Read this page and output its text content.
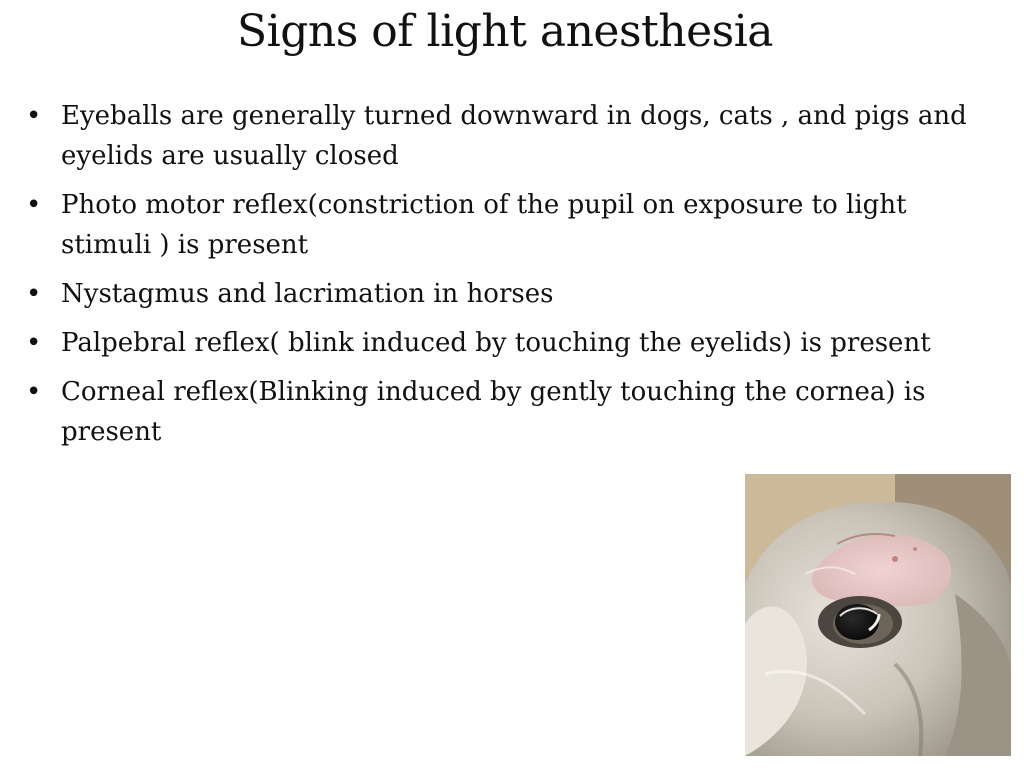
Signs of light anesthesia
• Eyeballs are generally turned downward in dogs, cats , and pigs and eyelids are usually closed
• Photo motor reflex(constriction of the pupil on exposure to light stimuli ) is present
• Nystagmus and lacrimation in horses
• Palpebral reflex( blink induced by touching the eyelids) is present
• Corneal reflex(Blinking induced by gently touching the cornea) is present
